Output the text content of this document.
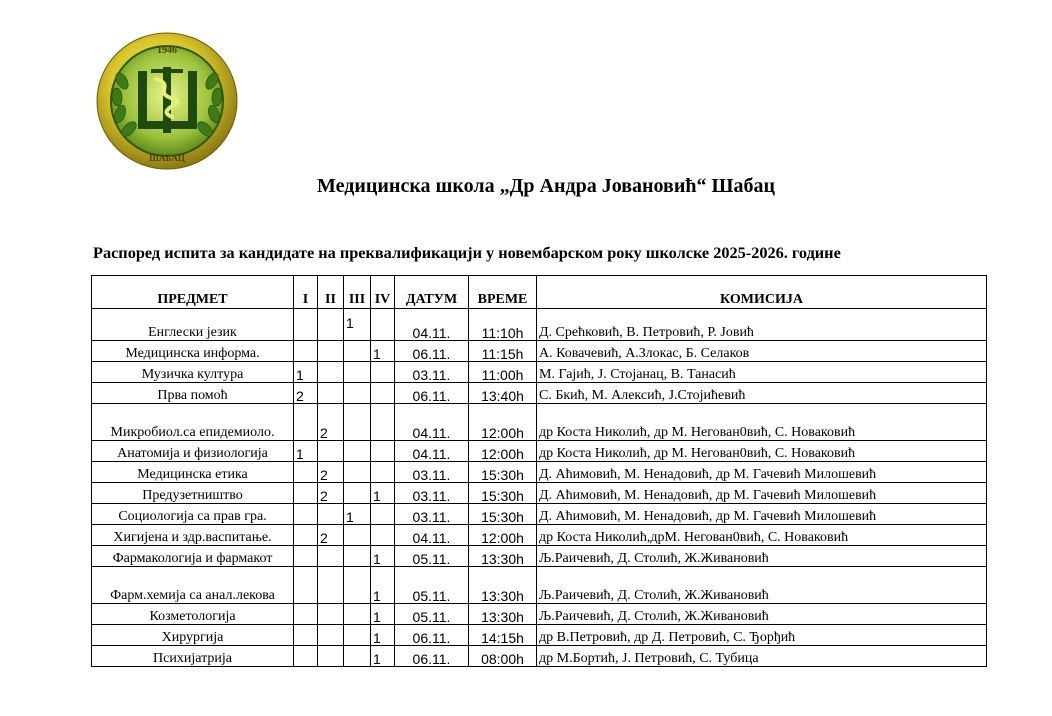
1946
ШАБАЦ
Медицинска школа „Др Андра Јовановић“ Шабац
Распоред испита за кандидате на преквалификацији у новембарском року школске 2025-2026. године
ПРЕДМЕТ	I	II	III	IV	ДАТУМ	ВРЕМЕ	КОМИСИЈА
Енглески језик			1		04.11.	11:10h	Д. Срећковић, В. Петровић, Р. Јовић
Медицинска информа.				1	06.11.	11:15h	А. Ковачевић, А.Злокас, Б. Селаков
Музичка култура	1				03.11.	11:00h	М. Гајић, Ј. Стојанац, В. Танасић
Прва помоћ	2				06.11.	13:40h	С. Бкић, М. Алексић, Ј.Стојићевић
Микробиол.са епидемиоло.		2			04.11.	12:00h	др Коста Николић, др М. Негован0вић, С. Новаковић
Анатомија и физиологија	1				04.11.	12:00h	др Коста Николић, др М. Негован0вић, С. Новаковић
Медицинска етика		2			03.11.	15:30h	Д. Аћимовић, М. Ненадовић, др М. Гачевић Милошевић
Предузетништво		2		1	03.11.	15:30h	Д. Аћимовић, М. Ненадовић, др М. Гачевић Милошевић
Социологија са прав гра.			1		03.11.	15:30h	Д. Аћимовић, М. Ненадовић, др М. Гачевић Милошевић
Хигијена и здр.васпитање.		2			04.11.	12:00h	др Коста Николић,дрМ. Негован0вић, С. Новаковић
Фармакологија и фармакот				1	05.11.	13:30h	Љ.Раичевић, Д. Столић, Ж.Живановић
Фарм.хемија са анал.лекова				1	05.11.	13:30h	Љ.Раичевић, Д. Столић, Ж.Живановић
Козметологија				1	05.11.	13:30h	Љ.Раичевић, Д. Столић, Ж.Живановић
Хирургија				1	06.11.	14:15h	др В.Петровић, др Д. Петровић, С. Ђорђић
Психијатрија				1	06.11.	08:00h	др М.Бортић, Ј. Петровић, С. Тубица
